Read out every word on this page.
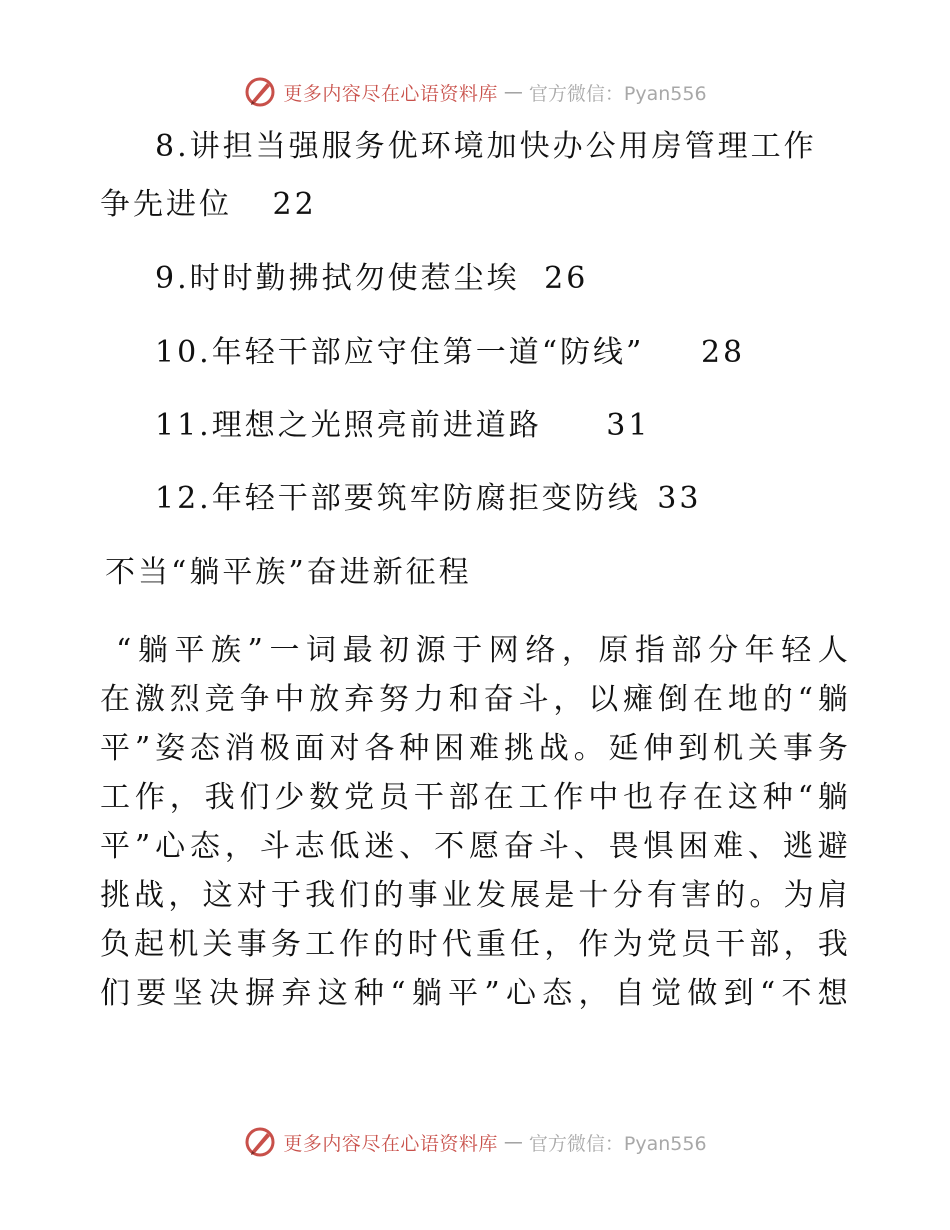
更多内容尽在心语资料库 — 官方微信：Pyan556
8.讲担当强服务优环境加快办公用房管理工作
争先进位 22
9.时时勤拂拭勿使惹尘埃 26
10.年轻干部应守住第一道“防线” 28
11.理想之光照亮前进道路 31
12.年轻干部要筑牢防腐拒变防线 33
不当“躺平族”奋进新征程
“躺平族”一词最初源于网络，原指部分年轻人
在激烈竞争中放弃努力和奋斗，以瘫倒在地的“躺
平”姿态消极面对各种困难挑战。延伸到机关事务
工作，我们少数党员干部在工作中也存在这种“躺
平”心态，斗志低迷、不愿奋斗、畏惧困难、逃避
挑战，这对于我们的事业发展是十分有害的。为肩
负起机关事务工作的时代重任，作为党员干部，我
们要坚决摒弃这种“躺平”心态，自觉做到“不想
更多内容尽在心语资料库 — 官方微信：Pyan556
